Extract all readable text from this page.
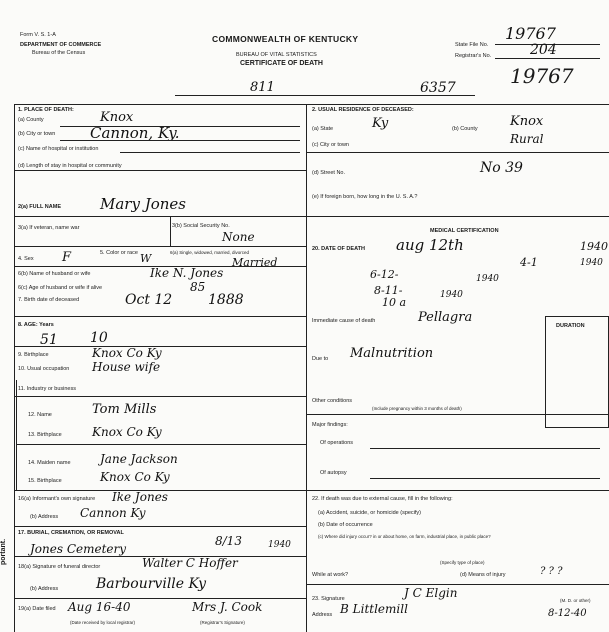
Form V. S. 1-A
DEPARTMENT OF COMMERCE
Bureau of the Census
COMMONWEALTH OF KENTUCKY
BUREAU OF VITAL STATISTICS
CERTIFICATE OF DEATH
State File No.
19767
Registrar's No.	204
19767
811	6357
1. PLACE OF DEATH:
(a) County	Knox
(b) City or town Cannon, Ky.
(c) Name of hospital or institution
(d) Length of stay in hospital or community
2(a) FULL NAME	Mary Jones
3(a) If veteran, name war	3(b) Social Security No.
None
4. Sex F	5. Color or race W	6(a) Single, widowed, married, divorced
Married
6(b) Name of husband or wife	Ike N. Jones
6(c) Age of husband or wife if alive	85
7. Birth date of deceased	Oct 12	1888
8. AGE: Years
51 10
9. Birthplace	Knox Co Ky
10. Usual occupation House wife
11. Industry or business
12. Name	Tom Mills
13. Birthplace	Knox Co Ky
14. Maiden name Jane Jackson
15. Birthplace	Knox Co Ky
16(a) Informant's own signature Ike Jones
(b) Address Cannon Ky
17. BURIAL, CREMATION, OR REMOVAL
Jones Cemetery
8/13	1940
18(a) Signature of funeral director	Walter C Hoffer
(b) Address	Barbourville Ky
19(a) Date filed Aug 16-40	Mrs J. Cook
(Date received by local registrar)	(Registrar's Signature)
portant.
2. USUAL RESIDENCE OF DECEASED:
(a) State	Ky	(b) County Knox
Rural
(c) City or town
(d) Street No.	No 39
(e) If foreign born, how long in the U. S. A.?
MEDICAL CERTIFICATION
20. DATE OF DEATH aug 12th	1940
4-1	1940
6-12-	1940
8-11-	1940
10 a
Immediate cause of death	Pellagra
DURATION
Due to Malnutrition
Other conditions
(Include pregnancy within 3 months of death)
Major findings:
Of operations
Of autopsy
22. If death was due to external cause, fill in the following:
(a) Accident, suicide, or homicide (specify)
(b) Date of occurrence
(c) Where did injury occur? in or about home, on farm, industrial place, in public place?
(Specify type of place)
While at work?	(d) Means of injury	? ? ?
23. Signature	J C Elgin
(M. D. or other)
Address B Littlemill	8-12-40
